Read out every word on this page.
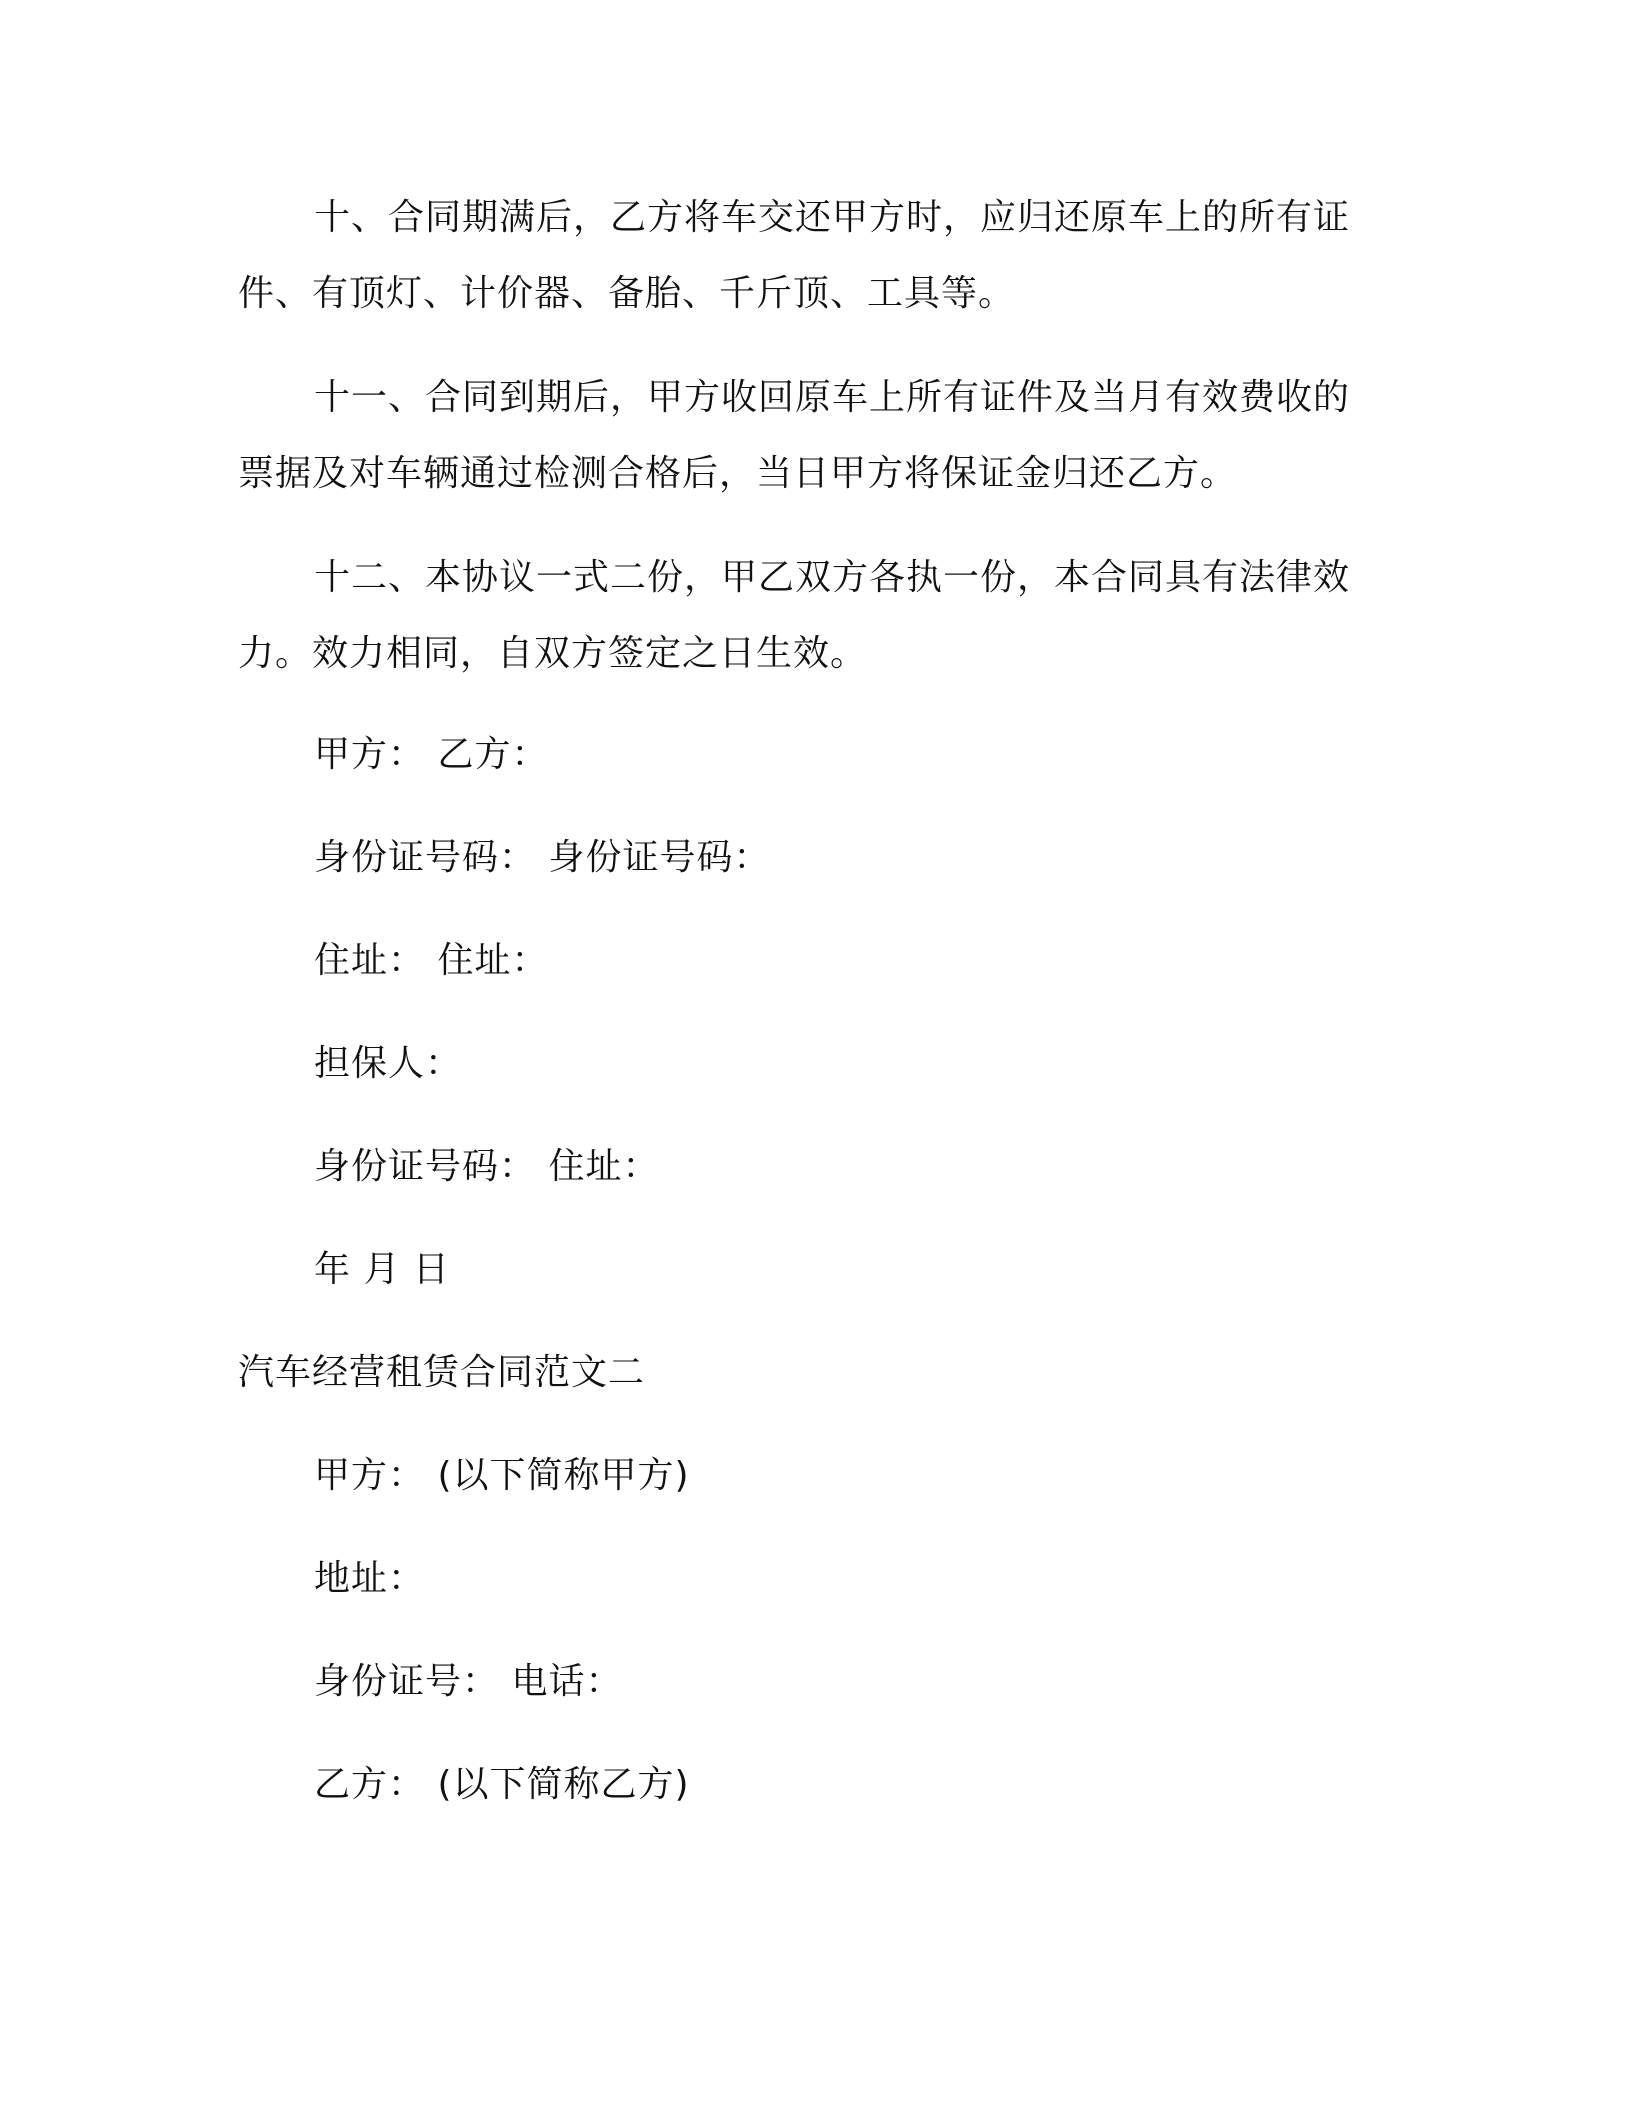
十、合同期满后，乙方将车交还甲方时，应归还原车上的所有证件、有顶灯、计价器、备胎、千斤顶、工具等。
十一、合同到期后，甲方收回原车上所有证件及当月有效费收的票据及对车辆通过检测合格后，当日甲方将保证金归还乙方。
十二、本协议一式二份，甲乙双方各执一份，本合同具有法律效力。效力相同，自双方签定之日生效。
甲方： 乙方：
身份证号码： 身份证号码：
住址： 住址：
担保人：
身份证号码： 住址：
年 月 日
汽车经营租赁合同范文二
甲方： (以下简称甲方)
地址：
身份证号： 电话：
乙方： (以下简称乙方)
